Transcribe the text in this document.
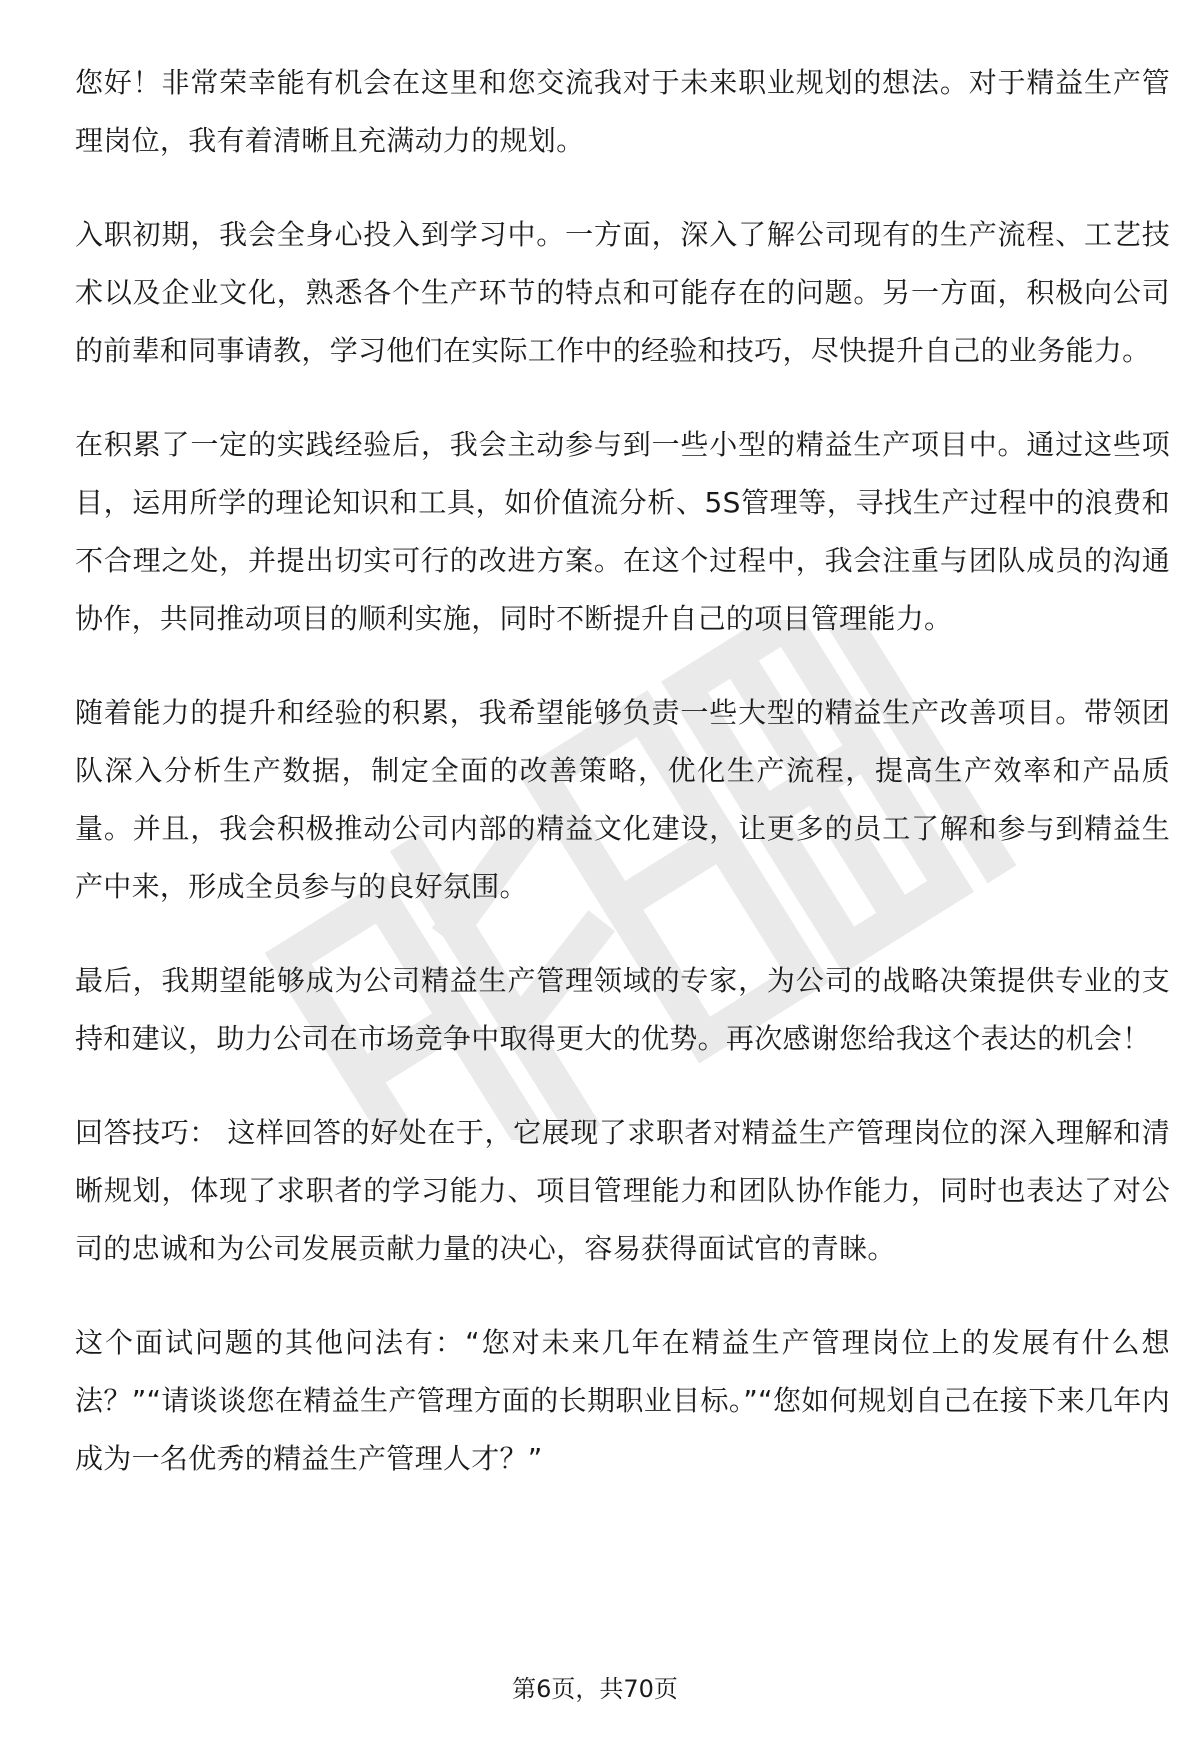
您好！非常荣幸能有机会在这里和您交流我对于未来职业规划的想法。对于精益生产管理岗位，我有着清晰且充满动力的规划。

入职初期，我会全身心投入到学习中。一方面，深入了解公司现有的生产流程、工艺技术以及企业文化，熟悉各个生产环节的特点和可能存在的问题。另一方面，积极向公司的前辈和同事请教，学习他们在实际工作中的经验和技巧，尽快提升自己的业务能力。

在积累了一定的实践经验后，我会主动参与到一些小型的精益生产项目中。通过这些项目，运用所学的理论知识和工具，如价值流分析、5S管理等，寻找生产过程中的浪费和不合理之处，并提出切实可行的改进方案。在这个过程中，我会注重与团队成员的沟通协作，共同推动项目的顺利实施，同时不断提升自己的项目管理能力。

随着能力的提升和经验的积累，我希望能够负责一些大型的精益生产改善项目。带领团队深入分析生产数据，制定全面的改善策略，优化生产流程，提高生产效率和产品质量。并且，我会积极推动公司内部的精益文化建设，让更多的员工了解和参与到精益生产中来，形成全员参与的良好氛围。

最后，我期望能够成为公司精益生产管理领域的专家，为公司的战略决策提供专业的支持和建议，助力公司在市场竞争中取得更大的优势。再次感谢您给我这个表达的机会！

回答技巧： 这样回答的好处在于，它展现了求职者对精益生产管理岗位的深入理解和清晰规划，体现了求职者的学习能力、项目管理能力和团队协作能力，同时也表达了对公司的忠诚和为公司发展贡献力量的决心，容易获得面试官的青睐。

这个面试问题的其他问法有：“您对未来几年在精益生产管理岗位上的发展有什么想法？”“请谈谈您在精益生产管理方面的长期职业目标。”“您如何规划自己在接下来几年内成为一名优秀的精益生产管理人才？”

第6页，共70页
